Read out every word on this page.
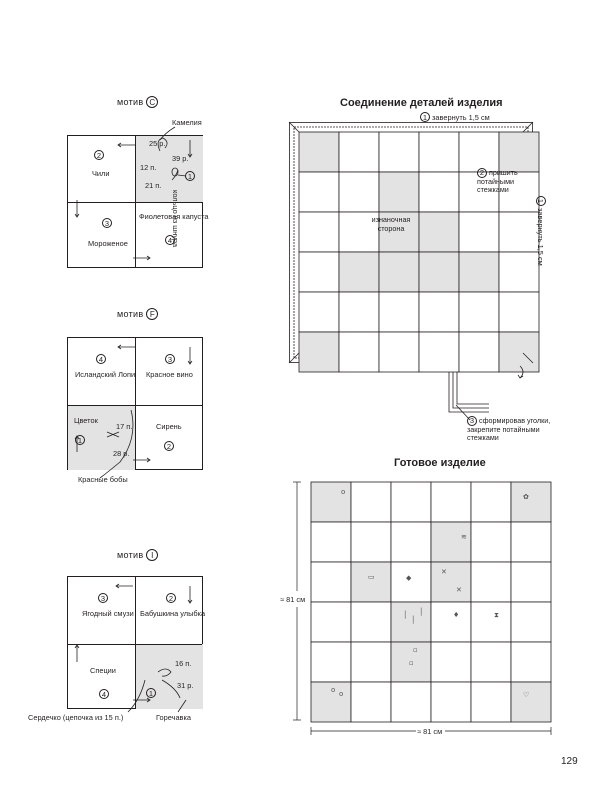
мотив C
2
Чили
25 р.
39 р.
12 п.
21 п.
1
3
Мороженое
Фиолетовая капуста
4
Камелия
кольцо из шнура
мотив F
4
Исландский Лопи
3
Красное вино
Цветок
17 п.
1
28 р.
Сирень
2
Красные бобы
мотив I
3
Ягодный смузи
2
Бабушкина улыбка
Специи
4
16 п.
31 р.
1
Сердечко (цепочка из 15 п.)	Горечавка
Соединение деталей изделия
1 завернуть 1,5 см
2 пришить потайными стежками
1
завернуть 1,5 см
изнаночная сторона
3 сформировав уголки, закрепите потайными стежками
Готовое изделие
o
✿
≋
▭	◆
✕
✕
│
│
│	♦	⧗
▫
▫
o o	♡
≈ 81 см
≈ 81 см
129
